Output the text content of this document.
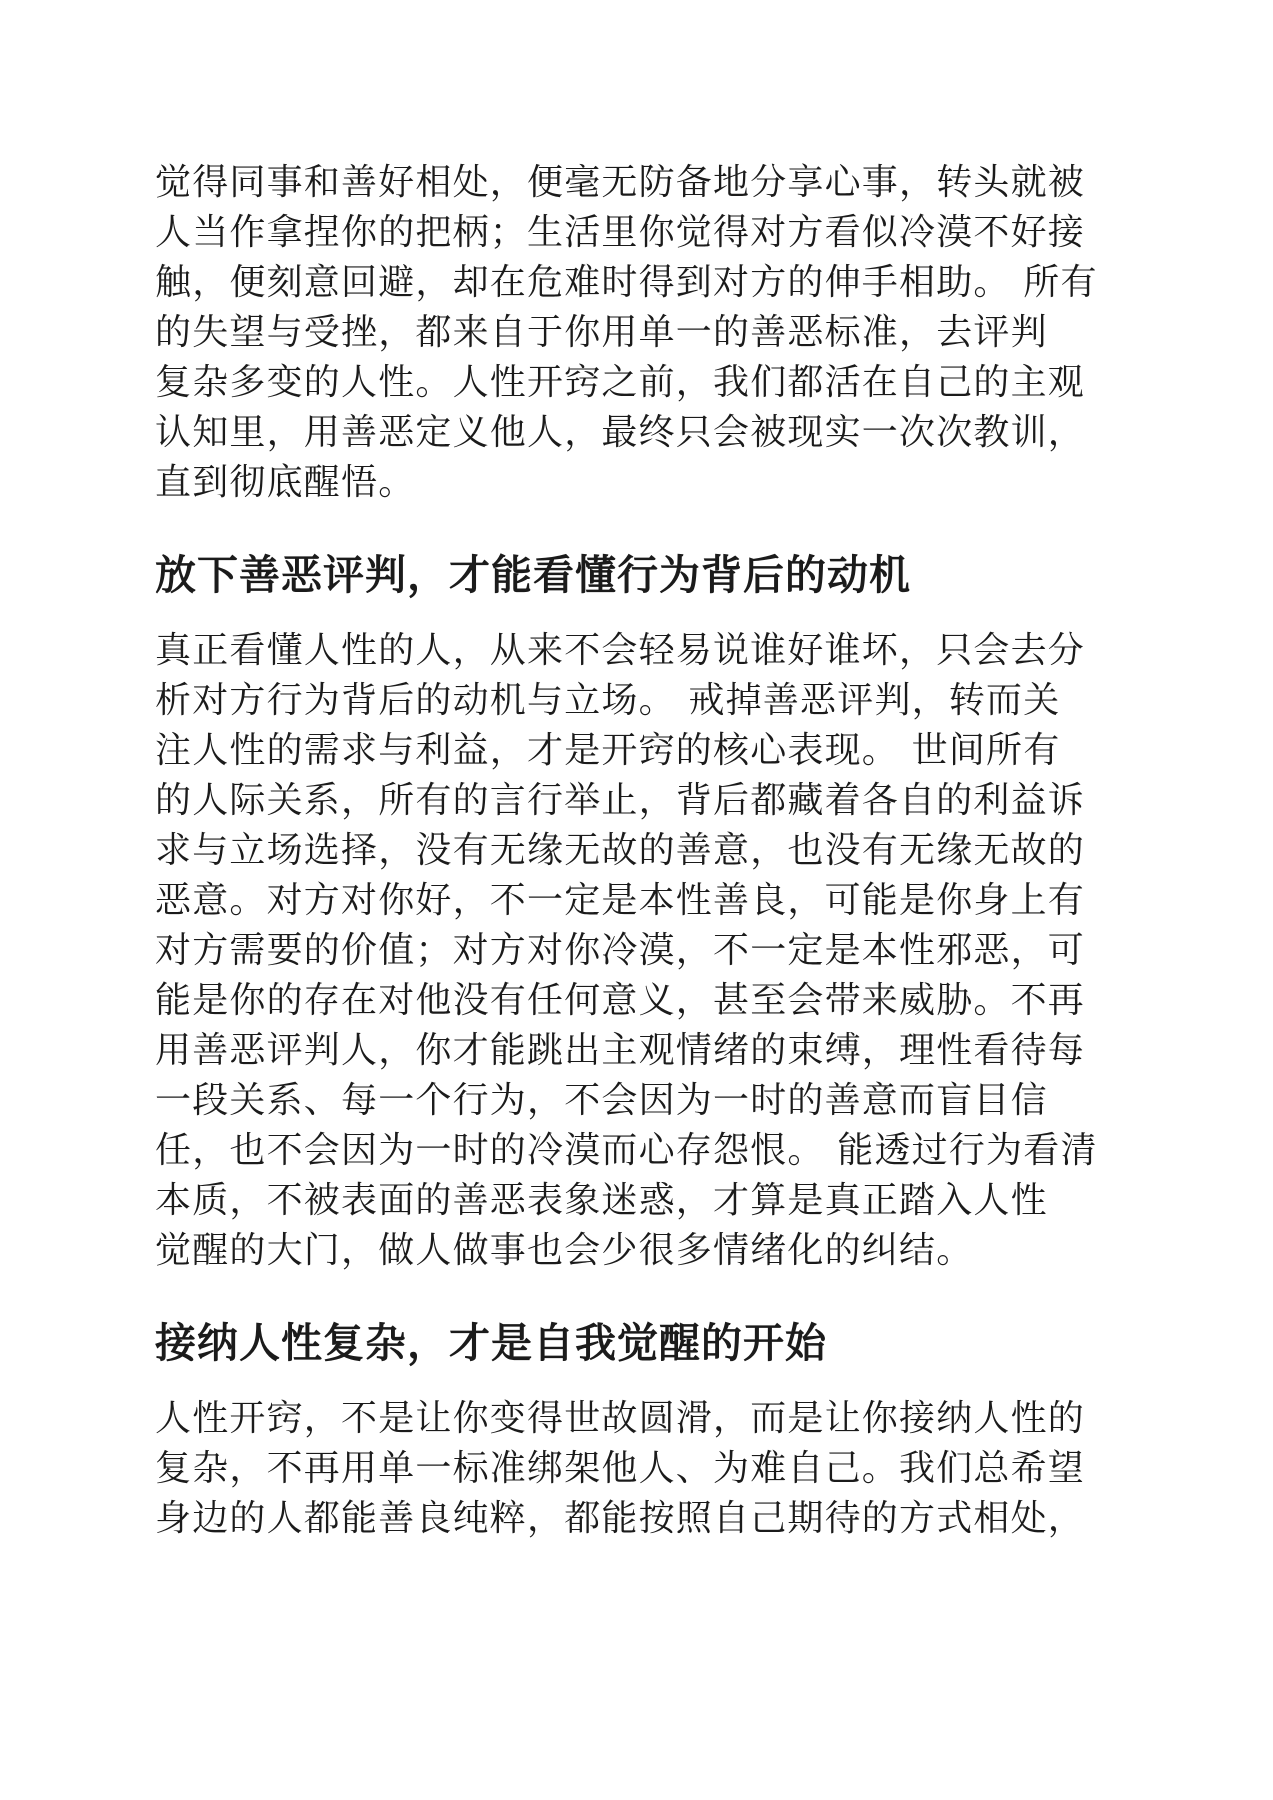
觉得同事和善好相处，便毫无防备地分享心事，转头就被
人当作拿捏你的把柄；生活里你觉得对方看似冷漠不好接
触，便刻意回避，却在危难时得到对方的伸手相助。 所有
的失望与受挫，都来自于你用单一的善恶标准，去评判
复杂多变的人性。人性开窍之前，我们都活在自己的主观
认知里，用善恶定义他人，最终只会被现实一次次教训，
直到彻底醒悟。
放下善恶评判，才能看懂行为背后的动机
真正看懂人性的人，从来不会轻易说谁好谁坏，只会去分
析对方行为背后的动机与立场。 戒掉善恶评判，转而关
注人性的需求与利益，才是开窍的核心表现。 世间所有
的人际关系，所有的言行举止，背后都藏着各自的利益诉
求与立场选择，没有无缘无故的善意，也没有无缘无故的
恶意。对方对你好，不一定是本性善良，可能是你身上有
对方需要的价值；对方对你冷漠，不一定是本性邪恶，可
能是你的存在对他没有任何意义，甚至会带来威胁。不再
用善恶评判人，你才能跳出主观情绪的束缚，理性看待每
一段关系、每一个行为，不会因为一时的善意而盲目信
任，也不会因为一时的冷漠而心存怨恨。 能透过行为看清
本质，不被表面的善恶表象迷惑，才算是真正踏入人性
觉醒的大门，做人做事也会少很多情绪化的纠结。
接纳人性复杂，才是自我觉醒的开始
人性开窍，不是让你变得世故圆滑，而是让你接纳人性的
复杂，不再用单一标准绑架他人、为难自己。我们总希望
身边的人都能善良纯粹，都能按照自己期待的方式相处，
